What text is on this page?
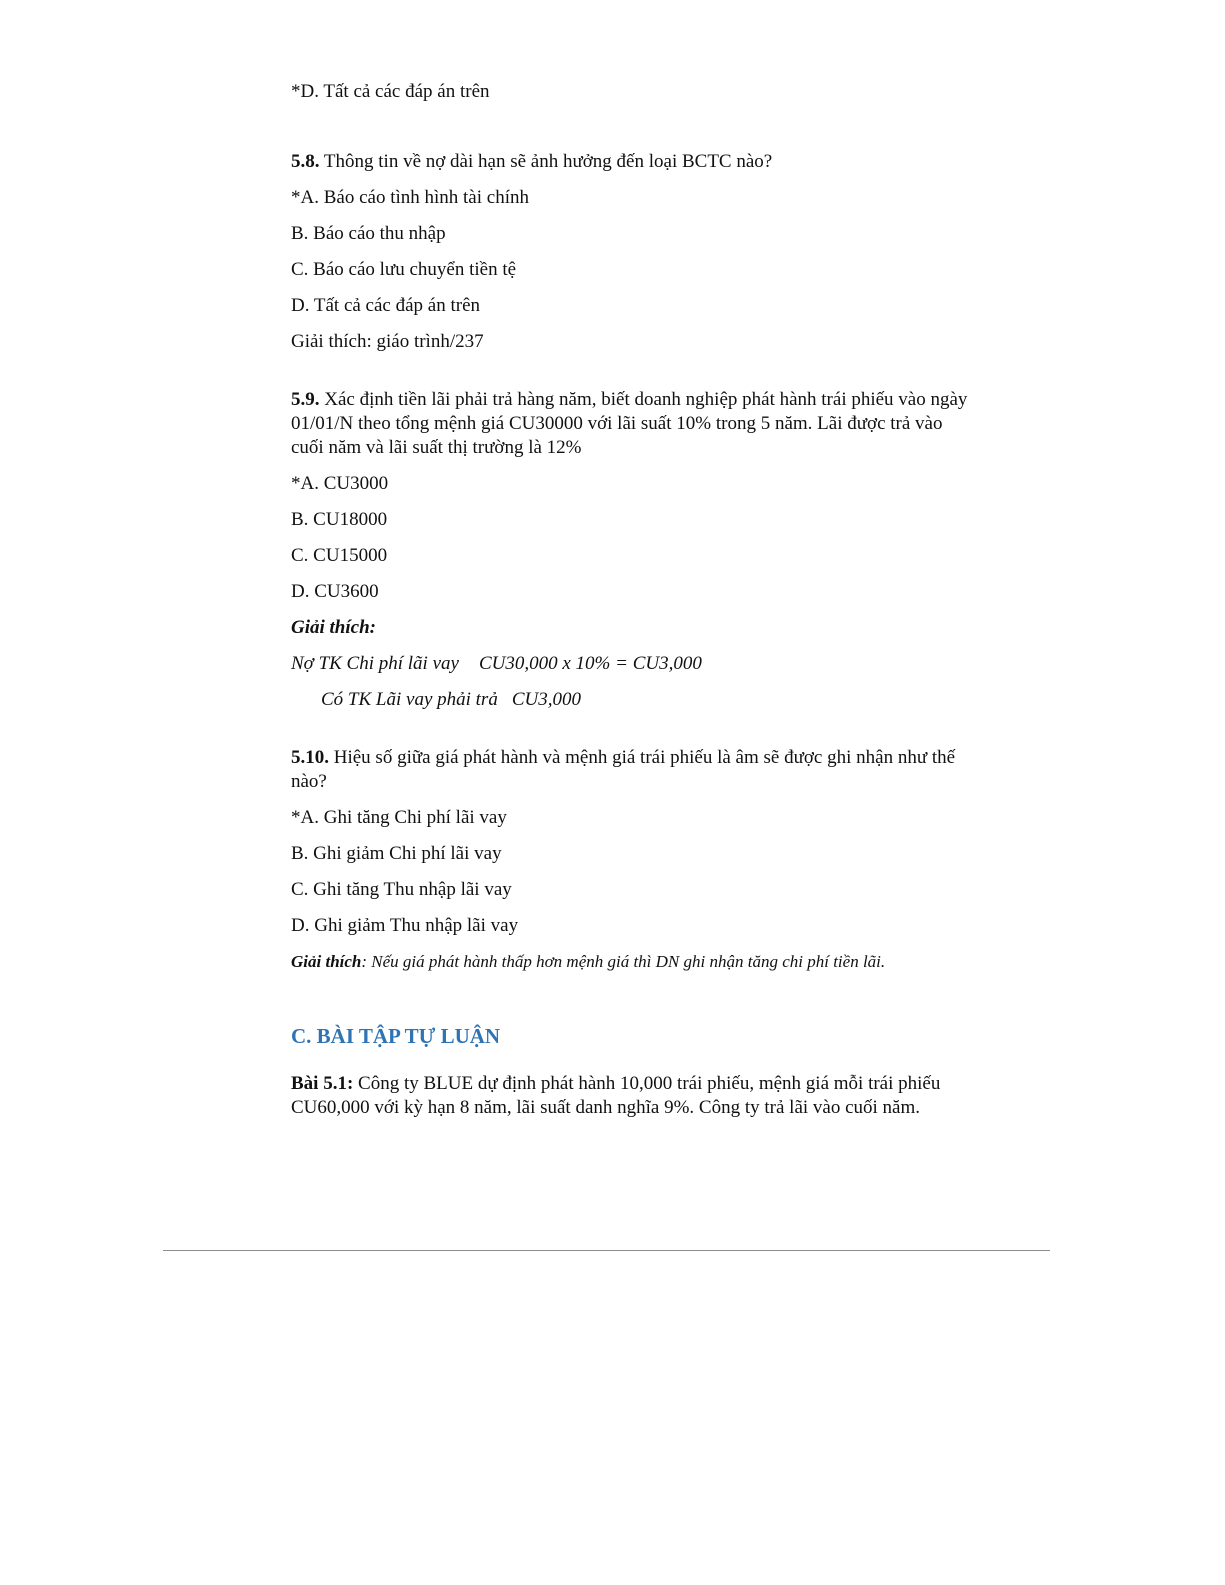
*D. Tất cả các đáp án trên

5.8. Thông tin về nợ dài hạn sẽ ảnh hưởng đến loại BCTC nào?

*A. Báo cáo tình hình tài chính

B. Báo cáo thu nhập

C. Báo cáo lưu chuyển tiền tệ

D. Tất cả các đáp án trên

Giải thích: giáo trình/237

5.9. Xác định tiền lãi phải trả hàng năm, biết doanh nghiệp phát hành trái phiếu vào ngày 01/01/N theo tổng mệnh giá CU30000 với lãi suất 10% trong 5 năm. Lãi được trả vào cuối năm và lãi suất thị trường là 12%

*A. CU3000

B. CU18000

C. CU15000

D. CU3600

Giải thích:

Nợ TK Chi phí lãi vay CU30,000 x 10% = CU3,000

Có TK Lãi vay phải trả CU3,000

5.10. Hiệu số giữa giá phát hành và mệnh giá trái phiếu là âm sẽ được ghi nhận như thế nào?

*A. Ghi tăng Chi phí lãi vay

B. Ghi giảm Chi phí lãi vay

C. Ghi tăng Thu nhập lãi vay

D. Ghi giảm Thu nhập lãi vay

Giải thích: Nếu giá phát hành thấp hơn mệnh giá thì DN ghi nhận tăng chi phí tiền lãi.

C. BÀI TẬP TỰ LUẬN

Bài 5.1: Công ty BLUE dự định phát hành 10,000 trái phiếu, mệnh giá mỗi trái phiếu CU60,000 với kỳ hạn 8 năm, lãi suất danh nghĩa 9%. Công ty trả lãi vào cuối năm.
